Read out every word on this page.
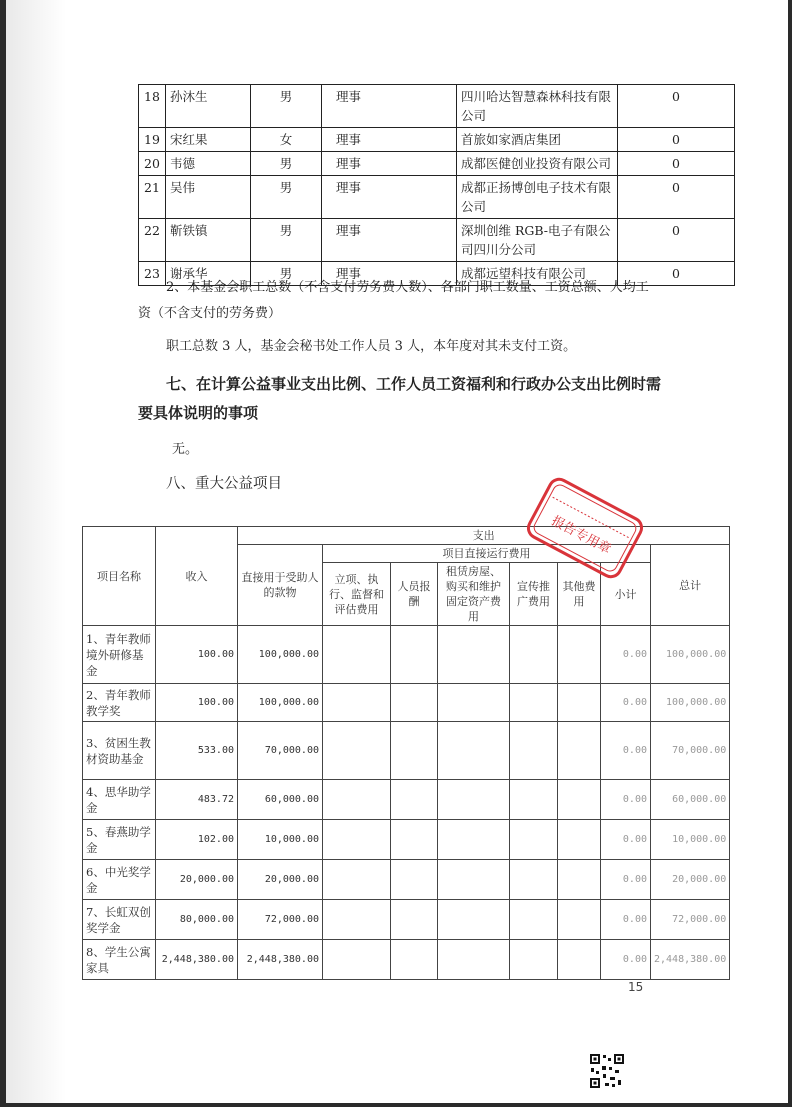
18	孙沐生	男	理事	四川哈达智慧森林科技有限公司	0
19	宋红果	女	理事	首旅如家酒店集团	0
20	韦德	男	理事	成都医健创业投资有限公司	0
21	吴伟	男	理事	成都正扬博创电子技术有限公司	0
22	靳铁镇	男	理事	深圳创维 RGB-电子有限公司四川分公司	0
23	谢承华	男	理事	成都远望科技有限公司	0
2、本基金会职工总数（不含支付劳务费人数）、各部门职工数量、工资总额、人均工
资（不含支付的劳务费）
职工总数 3 人，基金会秘书处工作人员 3 人，本年度对其未支付工资。
七、在计算公益事业支出比例、工作人员工资福利和行政办公支出比例时需
要具体说明的事项
无。
八、重大公益项目
项目名称	收入	支出							
		直接用于受助人的款物	项目直接运行费用						总计
			立项、执行、监督和评估费用	人员报酬	租赁房屋、购买和维护固定资产费用	宣传推广费用	其他费用	小计	
1、青年教师境外研修基金	100.00	100,000.00						0.00	100,000.00
2、青年教师教学奖	100.00	100,000.00						0.00	100,000.00
3、贫困生教材资助基金	533.00	70,000.00						0.00	70,000.00
4、思华助学金	483.72	60,000.00						0.00	60,000.00
5、春燕助学金	102.00	10,000.00						0.00	10,000.00
6、中光奖学金	20,000.00	20,000.00						0.00	20,000.00
7、长虹双创奖学金	80,000.00	72,000.00						0.00	72,000.00
8、学生公寓家具	2,448,380.00	2,448,380.00						0.00	2,448,380.00
报告专用章
15
